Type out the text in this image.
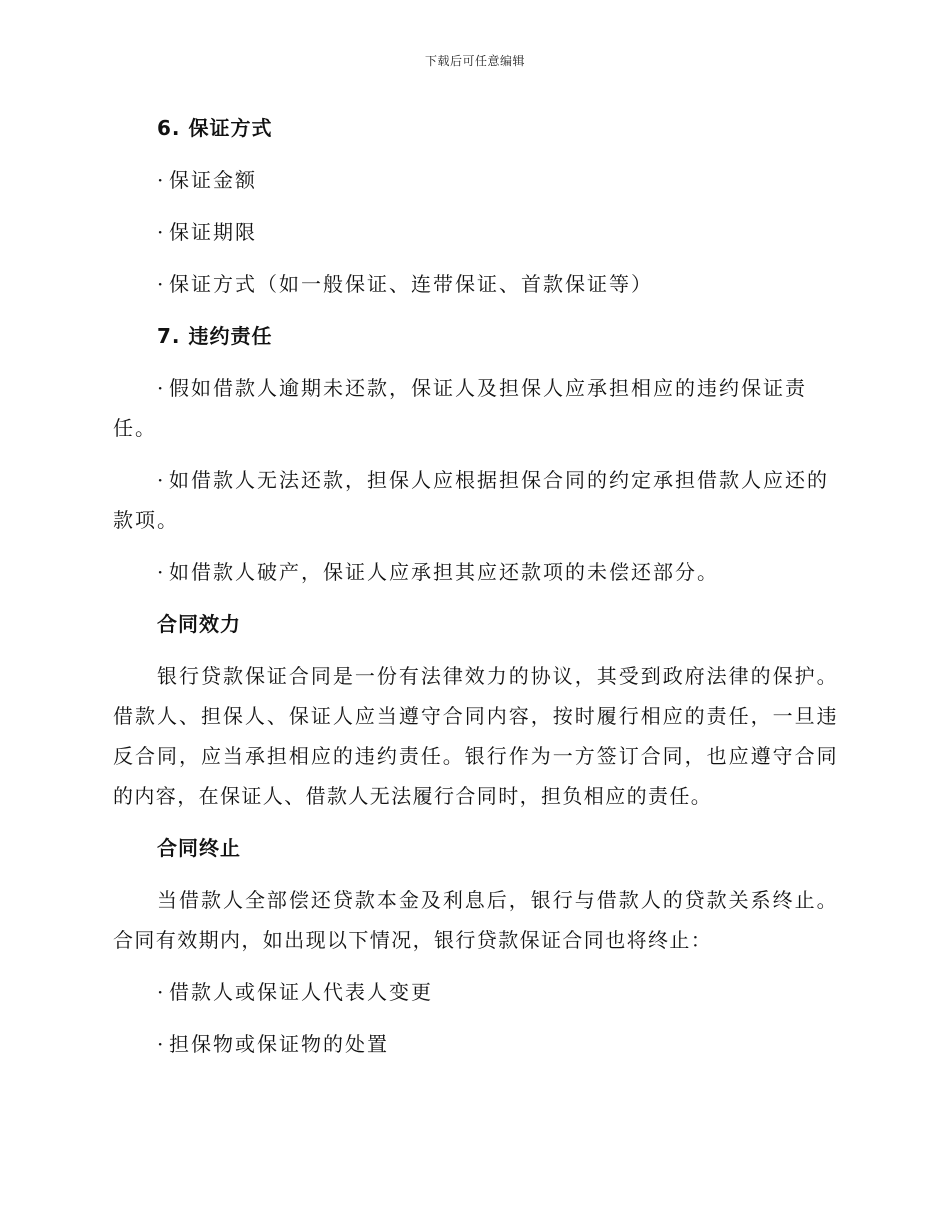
下载后可任意编辑
6. 保证方式
· 保证金额
· 保证期限
· 保证方式（如一般保证、连带保证、首款保证等）
7. 违约责任
· 假如借款人逾期未还款，保证人及担保人应承担相应的违约保证责任。
· 如借款人无法还款，担保人应根据担保合同的约定承担借款人应还的款项。
· 如借款人破产，保证人应承担其应还款项的未偿还部分。
合同效力
银行贷款保证合同是一份有法律效力的协议，其受到政府法律的保护。借款人、担保人、保证人应当遵守合同内容，按时履行相应的责任，一旦违反合同，应当承担相应的违约责任。银行作为一方签订合同，也应遵守合同的内容，在保证人、借款人无法履行合同时，担负相应的责任。
合同终止
当借款人全部偿还贷款本金及利息后，银行与借款人的贷款关系终止。合同有效期内，如出现以下情况，银行贷款保证合同也将终止：
· 借款人或保证人代表人变更
· 担保物或保证物的处置
